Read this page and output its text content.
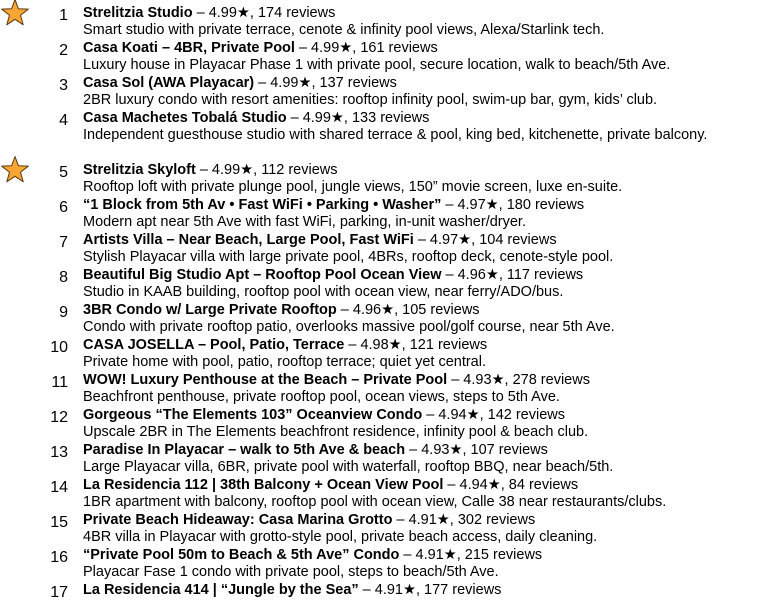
1 Strelitzia Studio – 4.99★, 174 reviews
Smart studio with private terrace, cenote & infinity pool views, Alexa/Starlink tech.
2 Casa Koati – 4BR, Private Pool – 4.99★, 161 reviews
Luxury house in Playacar Phase 1 with private pool, secure location, walk to beach/5th Ave.
3 Casa Sol (AWA Playacar) – 4.99★, 137 reviews
2BR luxury condo with resort amenities: rooftop infinity pool, swim-up bar, gym, kids’ club.
4 Casa Machetes Tobalá Studio – 4.99★, 133 reviews
Independent guesthouse studio with shared terrace & pool, king bed, kitchenette, private balcony.
5 Strelitzia Skyloft – 4.99★, 112 reviews
Rooftop loft with private plunge pool, jungle views, 150” movie screen, luxe en-suite.
6 “1 Block from 5th Av • Fast WiFi • Parking • Washer” – 4.97★, 180 reviews
Modern apt near 5th Ave with fast WiFi, parking, in-unit washer/dryer.
7 Artists Villa – Near Beach, Large Pool, Fast WiFi – 4.97★, 104 reviews
Stylish Playacar villa with large private pool, 4BRs, rooftop deck, cenote-style pool.
8 Beautiful Big Studio Apt – Rooftop Pool Ocean View – 4.96★, 117 reviews
Studio in KAAB building, rooftop pool with ocean view, near ferry/ADO/bus.
9 3BR Condo w/ Large Private Rooftop – 4.96★, 105 reviews
Condo with private rooftop patio, overlooks massive pool/golf course, near 5th Ave.
10 CASA JOSELLA – Pool, Patio, Terrace – 4.98★, 121 reviews
Private home with pool, patio, rooftop terrace; quiet yet central.
11 WOW! Luxury Penthouse at the Beach – Private Pool – 4.93★, 278 reviews
Beachfront penthouse, private rooftop pool, ocean views, steps to 5th Ave.
12 Gorgeous “The Elements 103” Oceanview Condo – 4.94★, 142 reviews
Upscale 2BR in The Elements beachfront residence, infinity pool & beach club.
13 Paradise In Playacar – walk to 5th Ave & beach – 4.93★, 107 reviews
Large Playacar villa, 6BR, private pool with waterfall, rooftop BBQ, near beach/5th.
14 La Residencia 112 | 38th Balcony + Ocean View Pool – 4.94★, 84 reviews
1BR apartment with balcony, rooftop pool with ocean view, Calle 38 near restaurants/clubs.
15 Private Beach Hideaway: Casa Marina Grotto – 4.91★, 302 reviews
4BR villa in Playacar with grotto-style pool, private beach access, daily cleaning.
16 “Private Pool 50m to Beach & 5th Ave” Condo – 4.91★, 215 reviews
Playacar Fase 1 condo with private pool, steps to beach/5th Ave.
17 La Residencia 414 | “Jungle by the Sea” – 4.91★, 177 reviews
